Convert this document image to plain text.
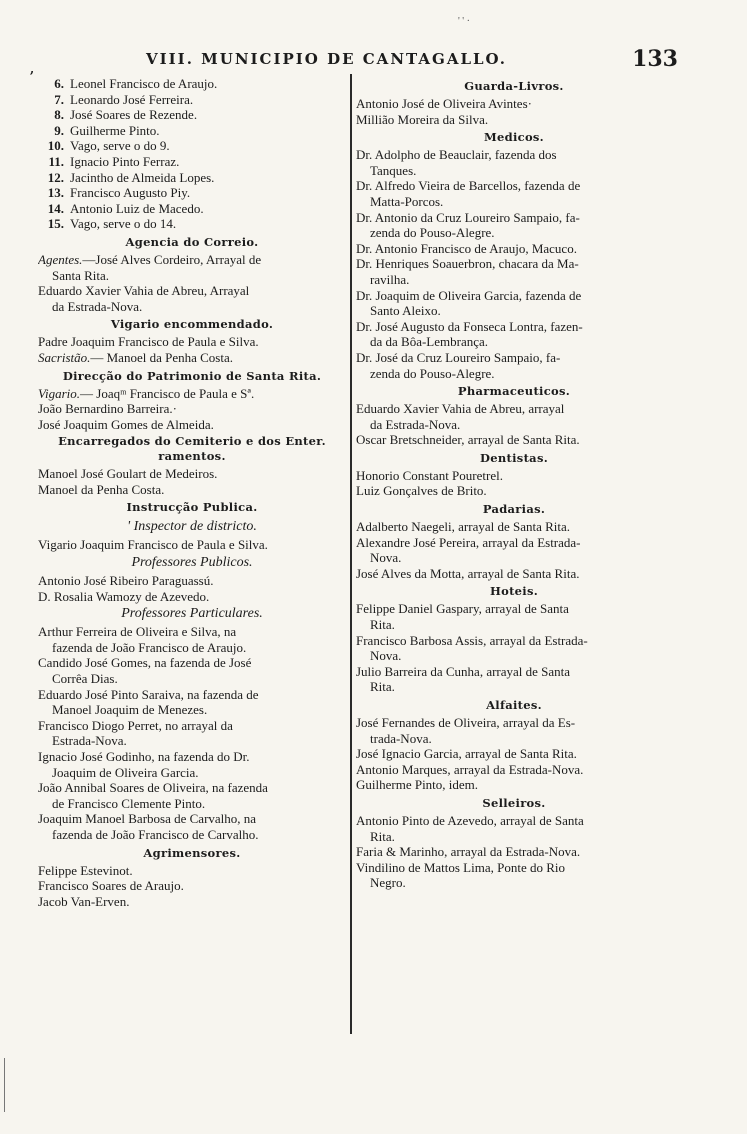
' ' ·
,
VIII. MUNICIPIO DE CANTAGALLO.	133
6. Leonel Francisco de Araujo.
7. Leonardo José Ferreira.
8. José Soares de Rezende.
9. Guilherme Pinto.
10. Vago, serve o do 9.
11. Ignacio Pinto Ferraz.
12. Jacintho de Almeida Lopes.
13. Francisco Augusto Piy.
14. Antonio Luiz de Macedo.
15. Vago, serve o do 14.
Agencia do Correio.
Agentes.—José Alves Cordeiro, Arrayal de
Santa Rita.
Eduardo Xavier Vahia de Abreu, Arrayal
da Estrada-Nova.
Vigario encommendado.
Padre Joaquim Francisco de Paula e Silva.
Sacristão.— Manoel da Penha Costa.
Direcção do Patrimonio de Santa Rita.
Vigario.— Joaqᵐ Francisco de Paula e Sª.
João Bernardino Barreira.·
José Joaquim Gomes de Almeida.
Encarregados do Cemiterio e dos Enter.
ramentos.
Manoel José Goulart de Medeiros.
Manoel da Penha Costa.
Instrucção Publica.
' Inspector de districto.
Vigario Joaquim Francisco de Paula e Silva.
Professores Publicos.
Antonio José Ribeiro Paraguassú.
D. Rosalia Wamozy de Azevedo.
Professores Particulares.
Arthur Ferreira de Oliveira e Silva, na
fazenda de João Francisco de Araujo.
Candido José Gomes, na fazenda de José
Corrêa Dias.
Eduardo José Pinto Saraiva, na fazenda de
Manoel Joaquim de Menezes.
Francisco Diogo Perret, no arrayal da
Estrada-Nova.
Ignacio José Godinho, na fazenda do Dr.
Joaquim de Oliveira Garcia.
João Annibal Soares de Oliveira, na fazenda
de Francisco Clemente Pinto.
Joaquim Manoel Barbosa de Carvalho, na
fazenda de João Francisco de Carvalho.
Agrimensores.
Felippe Estevinot.
Francisco Soares de Araujo.
Jacob Van-Erven.
Guarda-Livros.
Antonio José de Oliveira Avintes·
Millião Moreira da Silva.
Medicos.
Dr. Adolpho de Beauclair, fazenda dos
Tanques.
Dr. Alfredo Vieira de Barcellos, fazenda de
Matta-Porcos.
Dr. Antonio da Cruz Loureiro Sampaio, fa-
zenda do Pouso-Alegre.
Dr. Antonio Francisco de Araujo, Macuco.
Dr. Henriques Soauerbron, chacara da Ma-
ravilha.
Dr. Joaquim de Oliveira Garcia, fazenda de
Santo Aleixo.
Dr. José Augusto da Fonseca Lontra, fazen-
da da Bôa-Lembrança.
Dr. José da Cruz Loureiro Sampaio, fa-
zenda do Pouso-Alegre.
Pharmaceuticos.
Eduardo Xavier Vahia de Abreu, arrayal
da Estrada-Nova.
Oscar Bretschneider, arrayal de Santa Rita.
Dentistas.
Honorio Constant Pouretrel.
Luiz Gonçalves de Brito.
Padarias.
Adalberto Naegeli, arrayal de Santa Rita.
Alexandre José Pereira, arrayal da Estrada-
Nova.
José Alves da Motta, arrayal de Santa Rita.
Hoteis.
Felippe Daniel Gaspary, arrayal de Santa
Rita.
Francisco Barbosa Assis, arrayal da Estrada-
Nova.
Julio Barreira da Cunha, arrayal de Santa
Rita.
Alfaites.
José Fernandes de Oliveira, arrayal da Es-
trada-Nova.
José Ignacio Garcia, arrayal de Santa Rita.
Antonio Marques, arrayal da Estrada-Nova.
Guilherme Pinto, idem.
Selleiros.
Antonio Pinto de Azevedo, arrayal de Santa
Rita.
Faria & Marinho, arrayal da Estrada-Nova.
Vindilino de Mattos Lima, Ponte do Rio
Negro.
